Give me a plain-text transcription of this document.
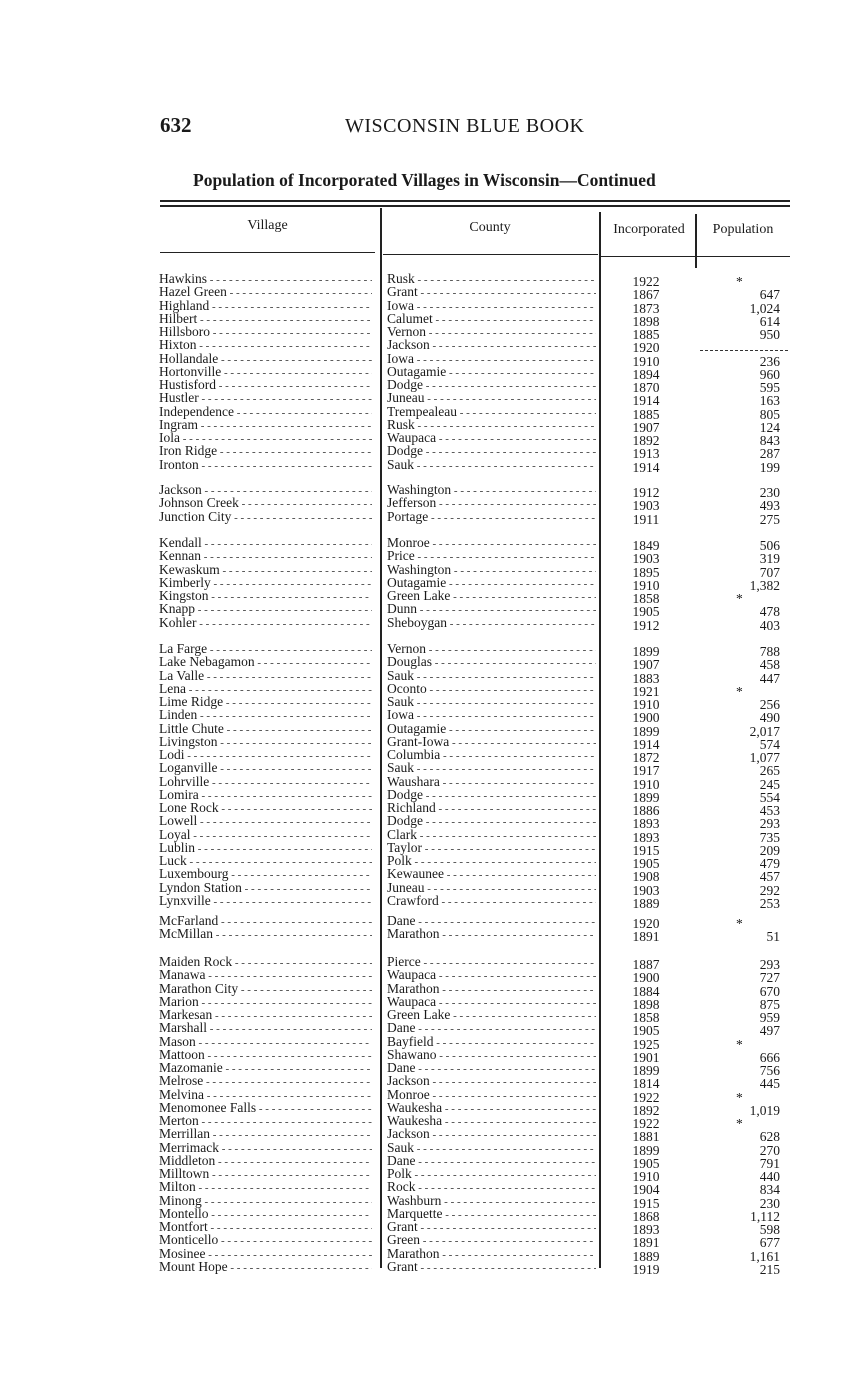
632	WISCONSIN BLUE BOOK
Population of Incorporated Villages in Wisconsin—Continued
Village	County	Incorporated	Population
Hawkins - - -	Rusk - - -	1922	*
Hazel Green - - -	Grant - - -	1867	647
Highland - - -	Iowa - - -	1873	1,024
Hilbert - - -	Calumet - - -	1898	614
Hillsboro - - -	Vernon - - -	1885	950
Hixton - - -	Jackson - - -	1920
Hollandale - - -	Iowa - - -	1910	236
Hortonville - - -	Outagamie - - -	1894	960
Hustisford - - -	Dodge - - -	1870	595
Hustler - - -	Juneau - - -	1914	163
Independence - - -	Trempealeau - - -	1885	805
Ingram - - -	Rusk - - -	1907	124
Iola - - -	Waupaca - - -	1892	843
Iron Ridge - - -	Dodge - - -	1913	287
Ironton - - -	Sauk - - -	1914	199
Jackson - - -	Washington - - -	1912	230
Johnson Creek - - -	Jefferson - - -	1903	493
Junction City - - -	Portage - - -	1911	275
Kendall - - -	Monroe - - -	1849	506
Kennan - - -	Price - - -	1903	319
Kewaskum - - -	Washington - - -	1895	707
Kimberly - - -	Outagamie - - -	1910	1,382
Kingston - - -	Green Lake - - -	1858	*
Knapp - - -	Dunn - - -	1905	478
Kohler - - -	Sheboygan - - -	1912	403
La Farge - - -	Vernon - - -	1899	788
Lake Nebagamon - - -	Douglas - - -	1907	458
La Valle - - -	Sauk - - -	1883	447
Lena - - -	Oconto - - -	1921	*
Lime Ridge - - -	Sauk - - -	1910	256
Linden - - -	Iowa - - -	1900	490
Little Chute - - -	Outagamie - - -	1899	2,017
Livingston - - -	Grant-Iowa - - -	1914	574
Lodi - - -	Columbia - - -	1872	1,077
Loganville - - -	Sauk - - -	1917	265
Lohrville - - -	Waushara - - -	1910	245
Lomira - - -	Dodge - - -	1899	554
Lone Rock - - -	Richland - - -	1886	453
Lowell - - -	Dodge - - -	1893	293
Loyal - - -	Clark - - -	1893	735
Lublin - - -	Taylor - - -	1915	209
Luck - - -	Polk - - -	1905	479
Luxembourg - - -	Kewaunee - - -	1908	457
Lyndon Station - - -	Juneau - - -	1903	292
Lynxville - - -	Crawford - - -	1889	253
McFarland - - -	Dane - - -	1920	*
McMillan - - -	Marathon - - -	1891	51
Maiden Rock - - -	Pierce - - -	1887	293
Manawa - - -	Waupaca - - -	1900	727
Marathon City - - -	Marathon - - -	1884	670
Marion - - -	Waupaca - - -	1898	875
Markesan - - -	Green Lake - - -	1858	959
Marshall - - -	Dane - - -	1905	497
Mason - - -	Bayfield - - -	1925	*
Mattoon - - -	Shawano - - -	1901	666
Mazomanie - - -	Dane - - -	1899	756
Melrose - - -	Jackson - - -	1814	445
Melvina - - -	Monroe - - -	1922	*
Menomonee Falls - - -	Waukesha - - -	1892	1,019
Merton - - -	Waukesha - - -	1922	*
Merrillan - - -	Jackson - - -	1881	628
Merrimack - - -	Sauk - - -	1899	270
Middleton - - -	Dane - - -	1905	791
Milltown - - -	Polk - - -	1910	440
Milton - - -	Rock - - -	1904	834
Minong - - -	Washburn - - -	1915	230
Montello - - -	Marquette - - -	1868	1,112
Montfort - - -	Grant - - -	1893	598
Monticello - - -	Green - - -	1891	677
Mosinee - - -	Marathon - - -	1889	1,161
Mount Hope - - -	Grant - - -	1919	215
